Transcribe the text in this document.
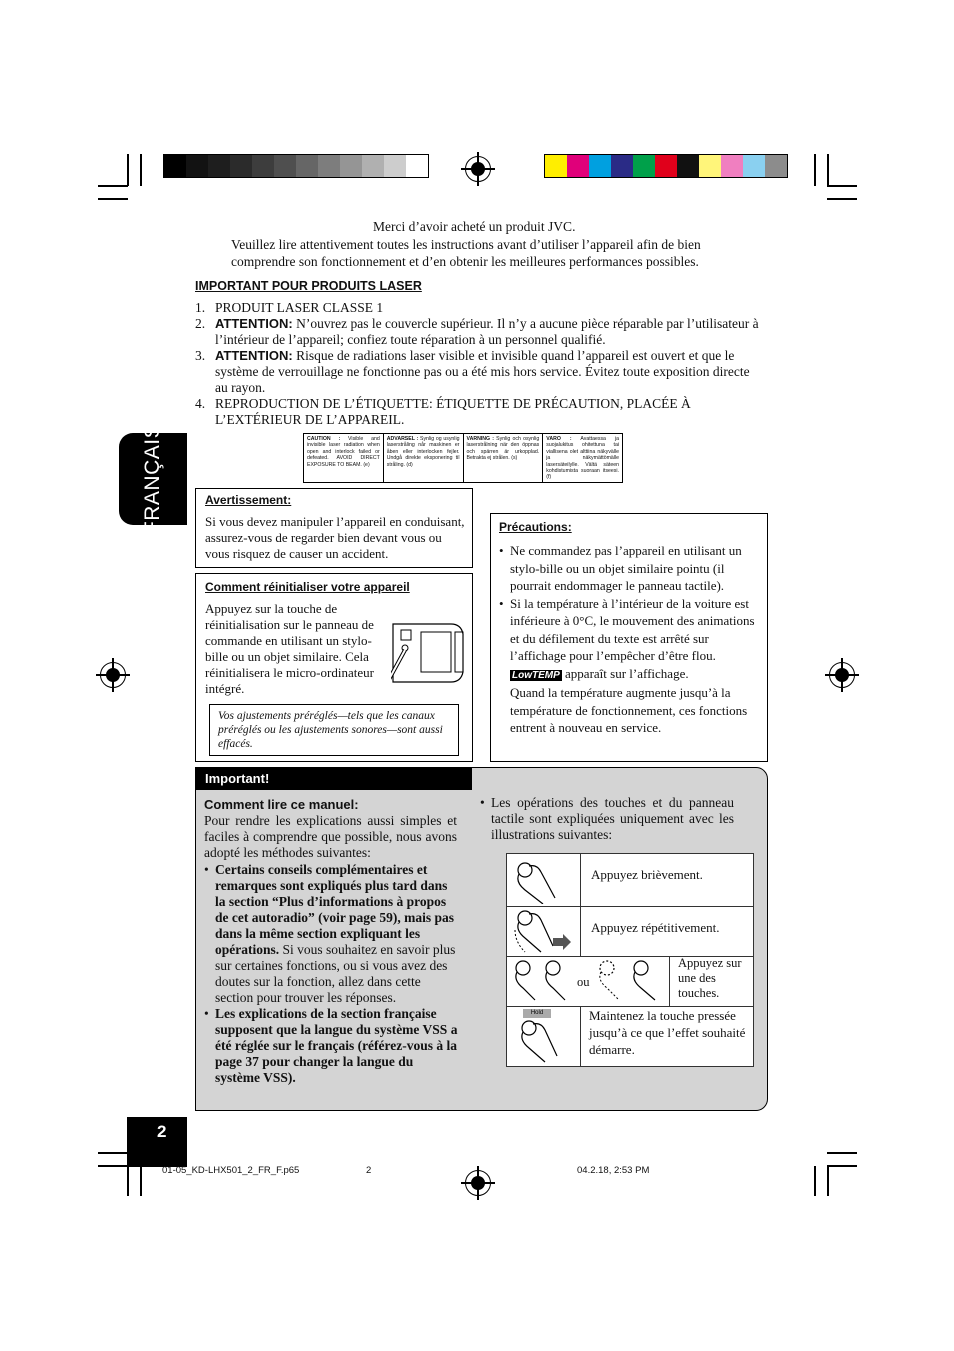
FRANÇAIS

Merci d’avoir acheté un produit JVC.

Veuillez lire attentivement toutes les instructions avant d’utiliser l’appareil afin de bien comprendre son fonctionnement et d’en obtenir les meilleures performances possibles.

IMPORTANT POUR PRODUITS LASER
1. PRODUIT LASER CLASSE 1
2. ATTENTION: N’ouvrez pas le couvercle supérieur. Il n’y a aucune pièce réparable par l’utilisateur à l’intérieur de l’appareil; confiez toute réparation à un personnel qualifié.
3. ATTENTION: Risque de radiations laser visible et invisible quand l’appareil est ouvert et que le système de verrouillage ne fonctionne pas ou a été mis hors service. Évitez toute exposition directe au rayon.
4. REPRODUCTION DE L’ÉTIQUETTE: ÉTIQUETTE DE PRÉCAUTION, PLACÉE À L’EXTÉRIEUR DE L’APPAREIL.
CAUTION : Visible and invisible laser radiation when open and interlock failed or defeated. AVOID DIRECT EXPOSURE TO BEAM. (e)
ADVARSEL : Synlig og usynlig laserstråling når maskinen er åben eller interlocken fejler. Undgå direkte eksponering til stråling. (d)
VARNING : Synlig och osynlig laserstrålning när den öppnas och spärren är urkopplad. Betrakta ej strålen. (s)
VARO : Avattaessa ja suojalukitus ohitettuna tai viallisena olet alttiina näkyvälle ja näkymättömälle lasersäteilylle. Vältä säteen kohdistumista suoraan itseesi. (f)
Avertissement:

Si vous devez manipuler l’appareil en conduisant, assurez-vous de regarder bien devant vous ou vous risquez de causer un accident.

Comment réinitialiser votre appareil

Appuyez sur la touche de réinitialisation sur le panneau de commande en utilisant un stylo-bille ou un objet similaire. Cela réinitialisera le micro-ordinateur intégré.

Vos ajustements préréglés—tels que les canaux préréglés ou les ajustements sonores—sont aussi effacés.

Précautions:
• Ne commandez pas l’appareil en utilisant un stylo-bille ou un objet similaire pointu (il pourrait endommager le panneau tactile).
• Si la température à l’intérieur de la voiture est inférieure à 0°C, le mouvement des animations et du défilement du texte est arrêté sur l’affichage pour l’empêcher d’être flou.
LowTEMP apparaît sur l’affichage.
Quand la température augmente jusqu’à la température de fonctionnement, ces fonctions entrent à nouveau en service.
Important!
Comment lire ce manuel:

Pour rendre les explications aussi simples et faciles à comprendre que possible, nous avons adopté les méthodes suivantes:

• Certains conseils complémentaires et remarques sont expliqués plus tard dans la section “Plus d’informations à propos de cet autoradio” (voir page 59), mais pas dans la même section expliquant les opérations. Si vous souhaitez en savoir plus sur certaines fonctions, ou si vous avez des doutes sur la fonction, allez dans cette section pour trouver les réponses.
• Les explications de la section française supposent que la langue du système VSS a été réglée sur le français (référez-vous à la page 37 pour changer la langue du système VSS).
• Les opérations des touches et du panneau tactile sont expliquées uniquement avec les illustrations suivantes:
Appuyez brièvement.
Appuyez répétitivement.
ou
Appuyez sur une des touches.
Hold	Maintenez la touche pressée jusqu’à ce que l’effet souhaité démarre.
2
01-05_KD-LHX501_2_FR_F.p65	2	04.2.18, 2:53 PM
